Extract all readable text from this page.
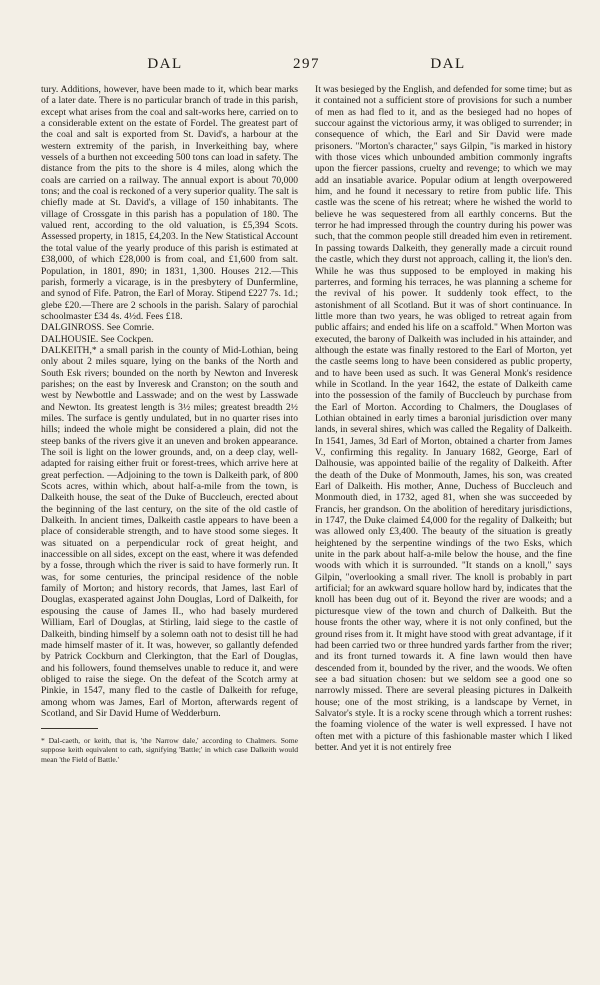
DAL	297	DAL

tury. Additions, however, have been made to it, which bear marks of a later date. There is no particular branch of trade in this parish, except what arises from the coal and salt-works here, carried on to a considerable extent on the estate of Fordel. The greatest part of the coal and salt is exported from St. David's, a harbour at the western extremity of the parish, in Inverkeithing bay, where vessels of a burthen not exceeding 500 tons can load in safety. The distance from the pits to the shore is 4 miles, along which the coals are carried on a railway. The annual export is about 70,000 tons; and the coal is reckoned of a very superior quality. The salt is chiefly made at St. David's, a village of 150 inhabitants. The village of Crossgate in this parish has a population of 180. The valued rent, according to the old valuation, is £5,394 Scots. Assessed property, in 1815, £4,203. In the New Statistical Account the total value of the yearly produce of this parish is estimated at £38,000, of which £28,000 is from coal, and £1,600 from salt. Population, in 1801, 890; in 1831, 1,300. Houses 212.—This parish, formerly a vicarage, is in the presbytery of Dunfermline, and synod of Fife. Patron, the Earl of Moray. Stipend £227 7s. 1d.; glebe £20.—There are 2 schools in the parish. Salary of parochial schoolmaster £34 4s. 4½d. Fees £18.

DALGINROSS. See Comrie.

DALHOUSIE. See Cockpen.

DALKEITH,* a small parish in the county of Mid-Lothian, being only about 2 miles square, lying on the banks of the North and South Esk rivers; bounded on the north by Newton and Inveresk parishes; on the east by Inveresk and Cranston; on the south and west by Newbottle and Lasswade; and on the west by Lasswade and Newton. Its greatest length is 3½ miles; greatest breadth 2½ miles. The surface is gently undulated, but in no quarter rises into hills; indeed the whole might be considered a plain, did not the steep banks of the rivers give it an uneven and broken appearance. The soil is light on the lower grounds, and, on a deep clay, well-adapted for raising either fruit or forest-trees, which arrive here at great perfection. —Adjoining to the town is Dalkeith park, of 800 Scots acres, within which, about half-a-mile from the town, is Dalkeith house, the seat of the Duke of Buccleuch, erected about the beginning of the last century, on the site of the old castle of Dalkeith. In ancient times, Dalkeith castle appears to have been a place of considerable strength, and to have stood some sieges. It was situated on a perpendicular rock of great height, and inaccessible on all sides, except on the east, where it was defended by a fosse, through which the river is said to have formerly run. It was, for some centuries, the principal residence of the noble family of Morton; and history records, that James, last Earl of Douglas, exasperated against John Douglas, Lord of Dalkeith, for espousing the cause of James II., who had basely murdered William, Earl of Douglas, at Stirling, laid siege to the castle of Dalkeith, binding himself by a solemn oath not to desist till he had made himself master of it. It was, however, so gallantly defended by Patrick Cockburn and Clerkington, that the Earl of Douglas, and his followers, found themselves unable to reduce it, and were obliged to raise the siege. On the defeat of the Scotch army at Pinkie, in 1547, many fled to the castle of Dalkeith for refuge, among whom was James, Earl of Morton, afterwards regent of Scotland, and Sir David Hume of Wedderburn.

* Dal-caeth, or keith, that is, 'the Narrow dale,' according to Chalmers. Some suppose keith equivalent to cath, signifying 'Battle;' in which case Dalkeith would mean 'the Field of Battle.'

It was besieged by the English, and defended for some time; but as it contained not a sufficient store of provisions for such a number of men as had fled to it, and as the besieged had no hopes of succour against the victorious army, it was obliged to surrender; in consequence of which, the Earl and Sir David were made prisoners. "Morton's character," says Gilpin, "is marked in history with those vices which unbounded ambition commonly ingrafts upon the fiercer passions, cruelty and revenge; to which we may add an insatiable avarice. Popular odium at length overpowered him, and he found it necessary to retire from public life. This castle was the scene of his retreat; where he wished the world to believe he was sequestered from all earthly concerns. But the terror he had impressed through the country during his power was such, that the common people still dreaded him even in retirement. In passing towards Dalkeith, they generally made a circuit round the castle, which they durst not approach, calling it, the lion's den. While he was thus supposed to be employed in making his parterres, and forming his terraces, he was planning a scheme for the revival of his power. It suddenly took effect, to the astonishment of all Scotland. But it was of short continuance. In little more than two years, he was obliged to retreat again from public affairs; and ended his life on a scaffold." When Morton was executed, the barony of Dalkeith was included in his attainder, and although the estate was finally restored to the Earl of Morton, yet the castle seems long to have been considered as public property, and to have been used as such. It was General Monk's residence while in Scotland. In the year 1642, the estate of Dalkeith came into the possession of the family of Buccleuch by purchase from the Earl of Morton. According to Chalmers, the Douglases of Lothian obtained in early times a baronial jurisdiction over many lands, in several shires, which was called the Regality of Dalkeith. In 1541, James, 3d Earl of Morton, obtained a charter from James V., confirming this regality. In January 1682, George, Earl of Dalhousie, was appointed bailie of the regality of Dalkeith. After the death of the Duke of Monmouth, James, his son, was created Earl of Dalkeith. His mother, Anne, Duchess of Buccleuch and Monmouth died, in 1732, aged 81, when she was succeeded by Francis, her grandson. On the abolition of hereditary jurisdictions, in 1747, the Duke claimed £4,000 for the regality of Dalkeith; but was allowed only £3,400. The beauty of the situation is greatly heightened by the serpentine windings of the two Esks, which unite in the park about half-a-mile below the house, and the fine woods with which it is surrounded. "It stands on a knoll," says Gilpin, "overlooking a small river. The knoll is probably in part artificial; for an awkward square hollow hard by, indicates that the knoll has been dug out of it. Beyond the river are woods; and a picturesque view of the town and church of Dalkeith. But the house fronts the other way, where it is not only confined, but the ground rises from it. It might have stood with great advantage, if it had been carried two or three hundred yards farther from the river; and its front turned towards it. A fine lawn would then have descended from it, bounded by the river, and the woods. We often see a bad situation chosen: but we seldom see a good one so narrowly missed. There are several pleasing pictures in Dalkeith house; one of the most striking, is a landscape by Vernet, in Salvator's style. It is a rocky scene through which a torrent rushes: the foaming violence of the water is well expressed. I have not often met with a picture of this fashionable master which I liked better. And yet it is not entirely free
